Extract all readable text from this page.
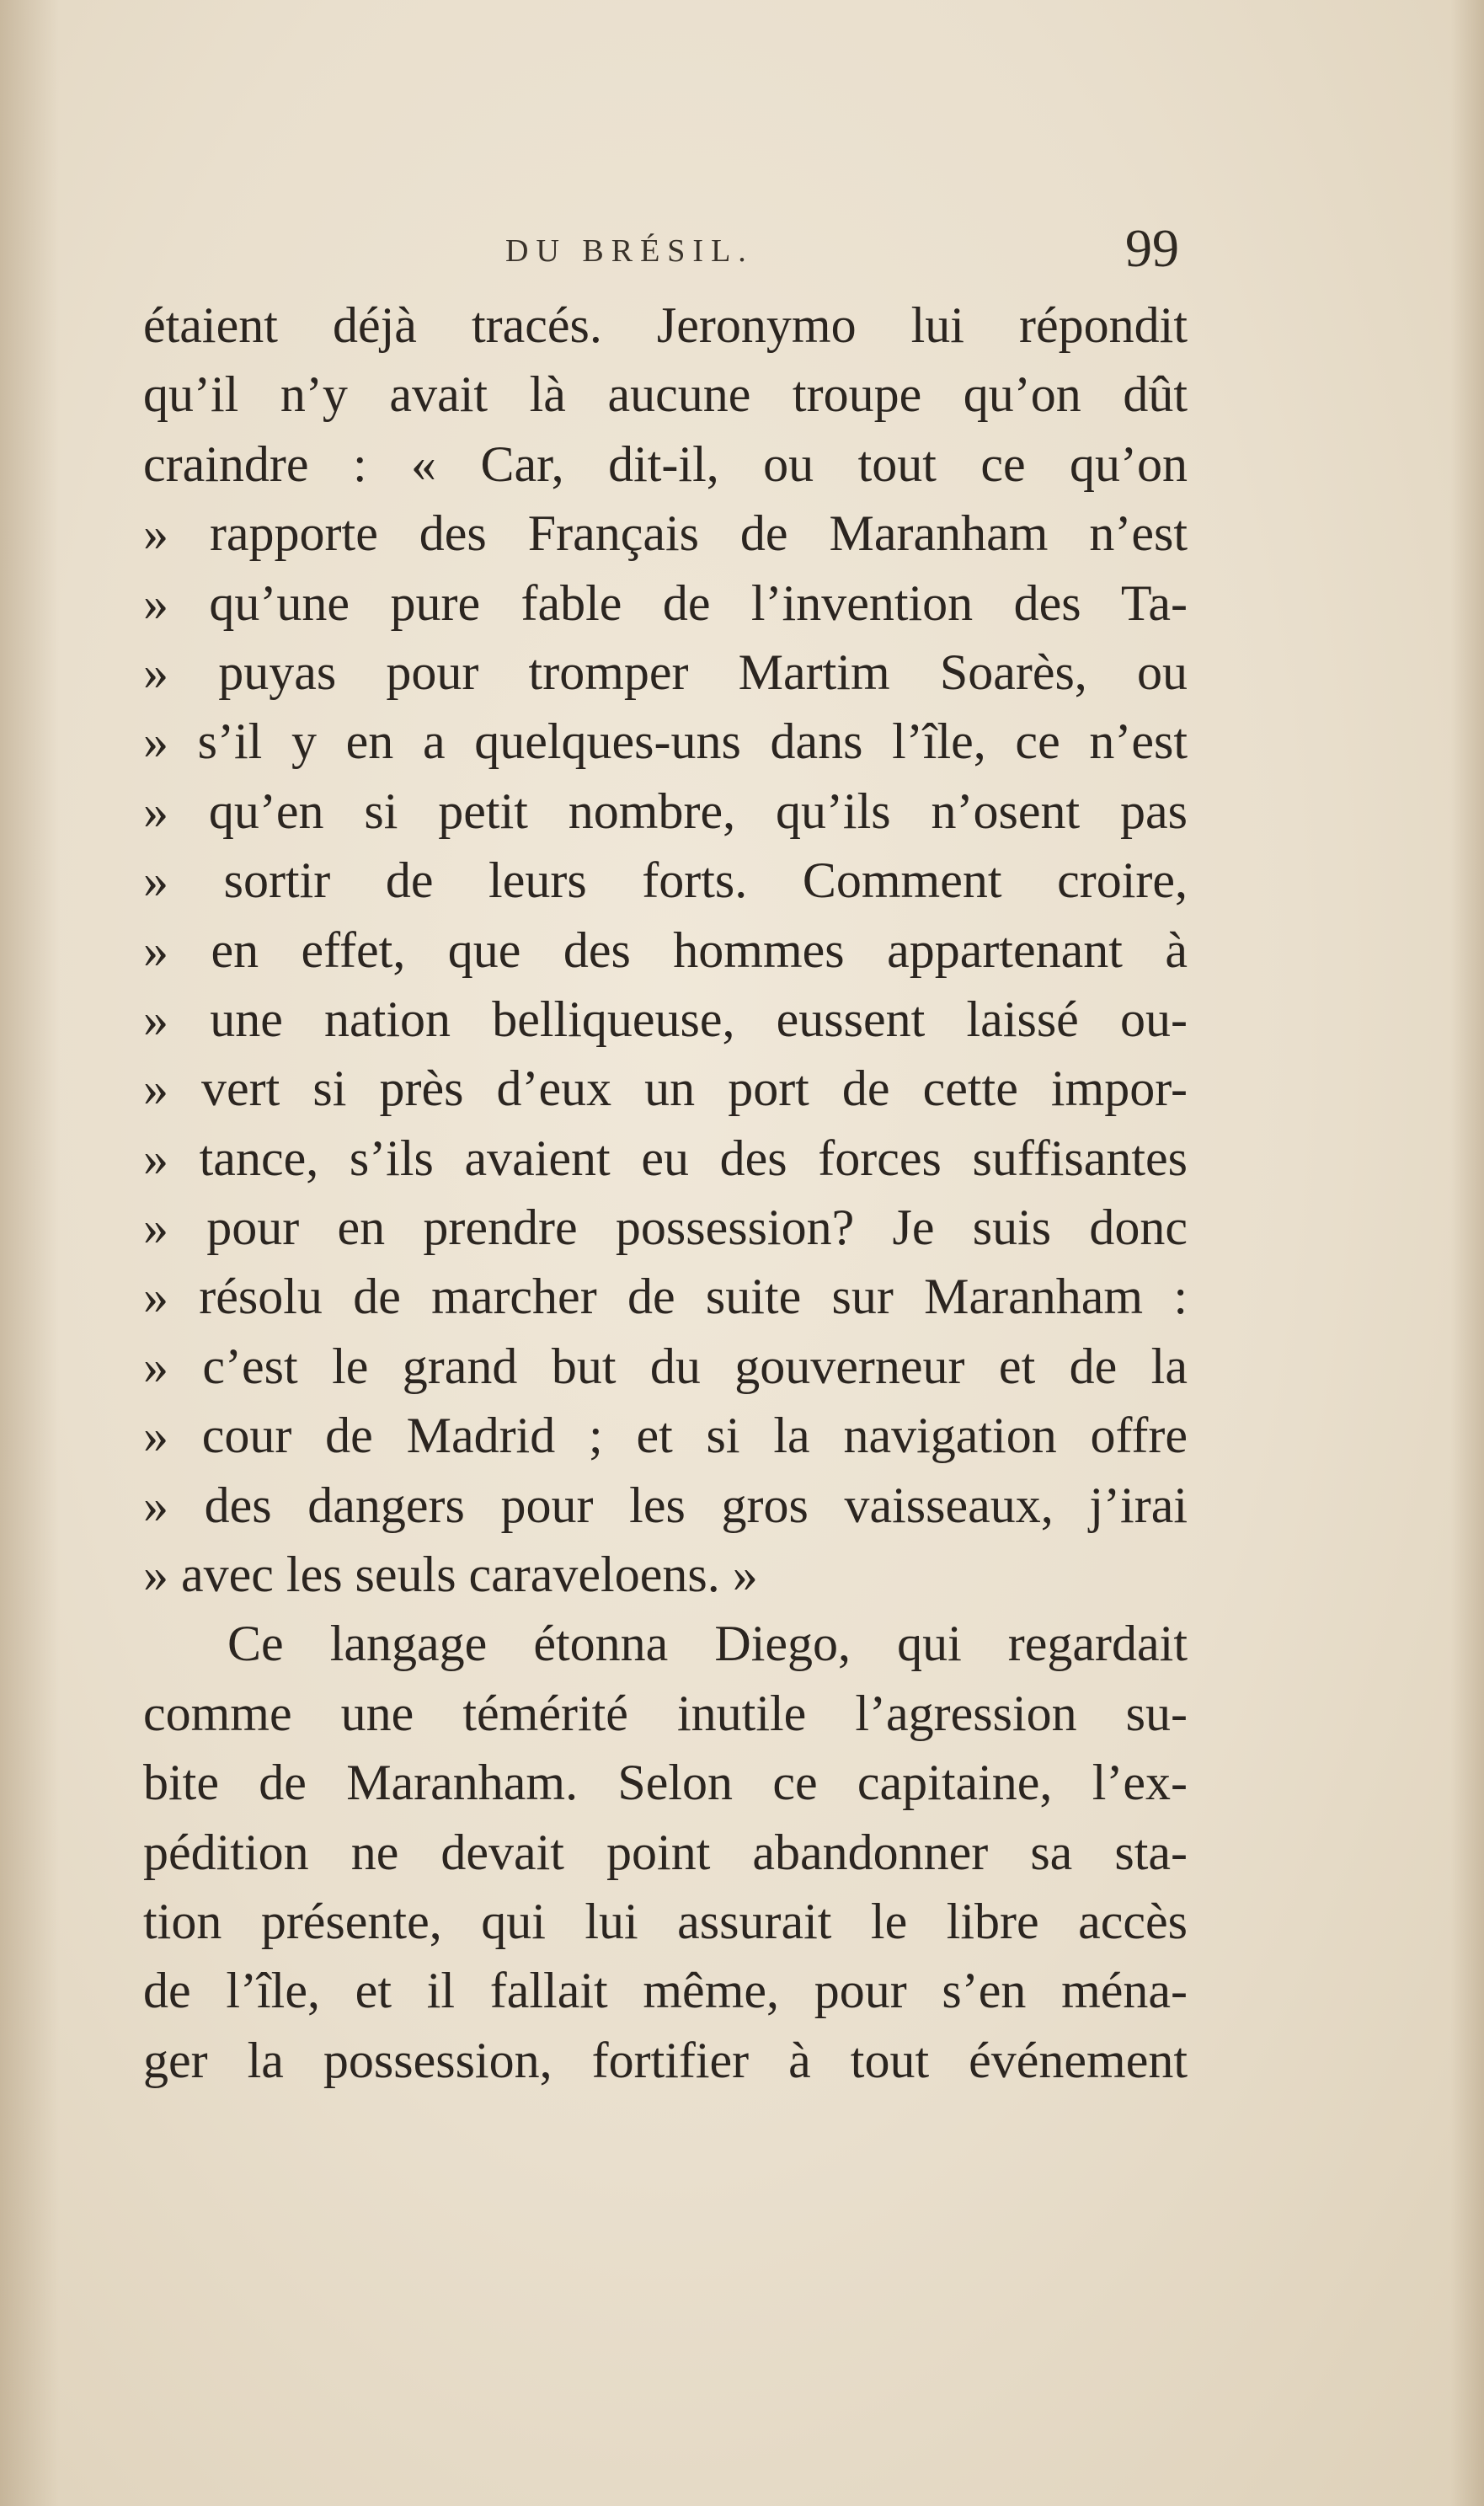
DU BRÉSIL.	99
étaient déjà tracés. Jeronymo lui répondit
qu’il n’y avait là aucune troupe qu’on dût
craindre : « Car, dit-il, ou tout ce qu’on
» rapporte des Français de Maranham n’est
» qu’une pure fable de l’invention des Ta-
» puyas pour tromper Martim Soarès, ou
» s’il y en a quelques-uns dans l’île, ce n’est
» qu’en si petit nombre, qu’ils n’osent pas
» sortir de leurs forts. Comment croire,
» en effet, que des hommes appartenant à
» une nation belliqueuse, eussent laissé ou-
» vert si près d’eux un port de cette impor-
» tance, s’ils avaient eu des forces suffisantes
» pour en prendre possession? Je suis donc
» résolu de marcher de suite sur Maranham :
» c’est le grand but du gouverneur et de la
» cour de Madrid ; et si la navigation offre
» des dangers pour les gros vaisseaux, j’irai
» avec les seuls caraveloens. »
Ce langage étonna Diego, qui regardait
comme une témérité inutile l’agression su-
bite de Maranham. Selon ce capitaine, l’ex-
pédition ne devait point abandonner sa sta-
tion présente, qui lui assurait le libre accès
de l’île, et il fallait même, pour s’en ména-
ger la possession, fortifier à tout événement
